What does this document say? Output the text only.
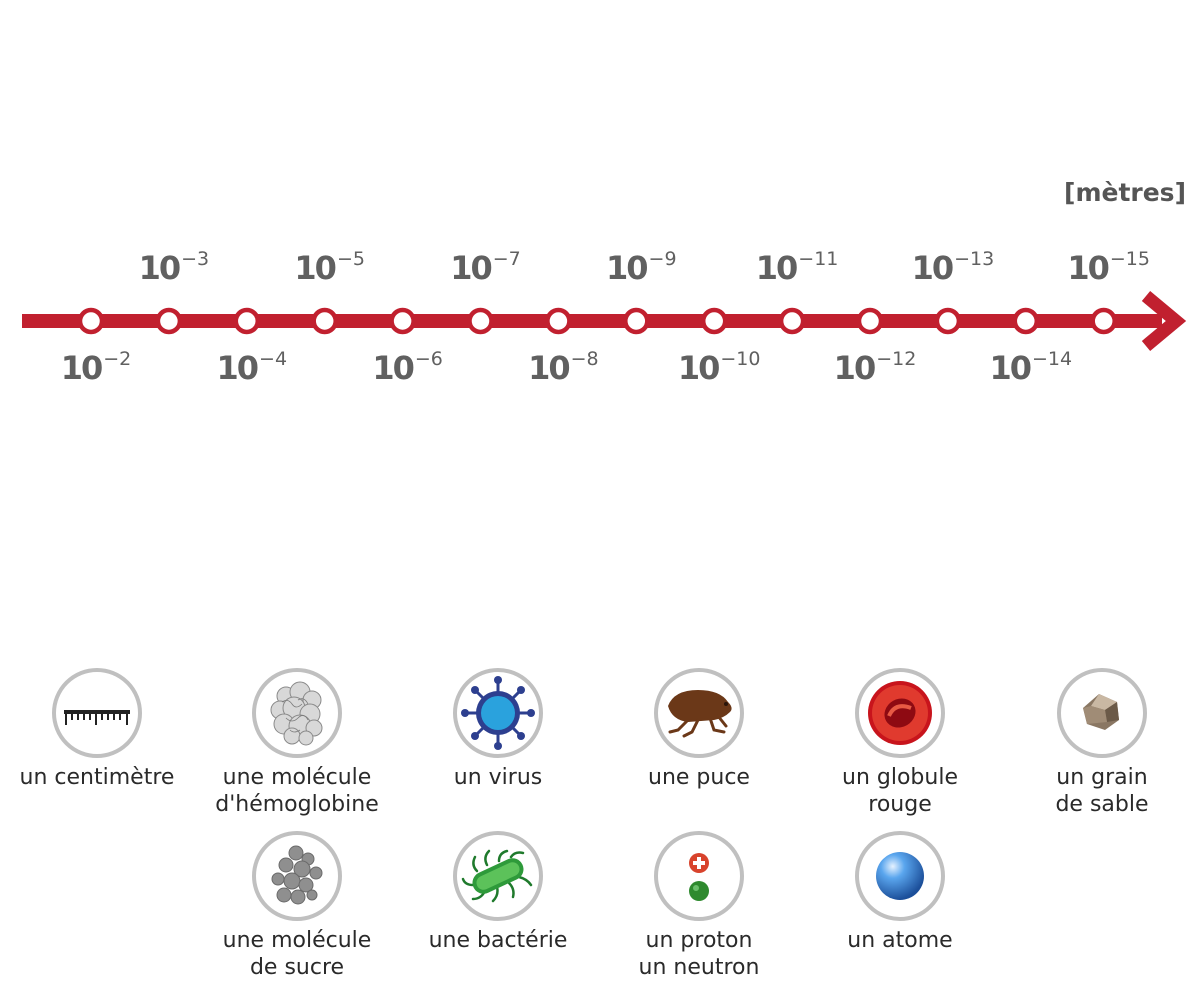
[mètres]
10 $^{-2}$
10 $^{-3}$
10 $^{-4}$
10 $^{-5}$
10 $^{-6}$
10 $^{-7}$
10 $^{-8}$
10 $^{-9}$
10 $^{-10}$
10 $^{-11}$
10 $^{-12}$
10 $^{-13}$
10 $^{-14}$
10 $^{-15}$
un centimètre	une molécule
d'hémoglobine
un virus	une puce	un globule
rouge
un grain
de sable
une molécule
de sucre
une bactérie	un proton
un neutron
un atome
